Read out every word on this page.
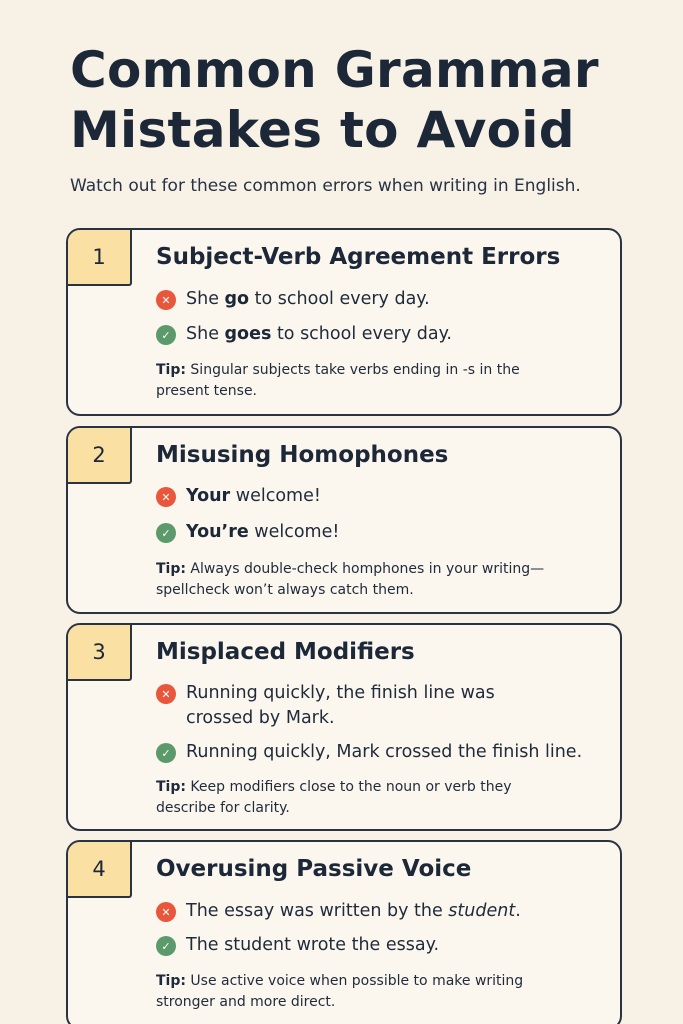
Common Grammar Mistakes to Avoid
Watch out for these common errors when writing in English.
1	Subject-Verb Agreement Errors
✕ She go to school every day.
✓ She goes to school every day.
Tip: Singular subjects take verbs ending in -s in the present tense.
2	Misusing Homophones
✕ Your welcome!
✓ You’re welcome!
Tip: Always double-check homphones in your writing—spellcheck won’t always catch them.
3	Misplaced Modifiers
✕ Running quickly, the finish line was crossed by Mark.
✓ Running quickly, Mark crossed the finish line.
Tip: Keep modifiers close to the noun or verb they describe for clarity.
4	Overusing Passive Voice
✕ The essay was written by the student.
✓ The student wrote the essay.
Tip: Use active voice when possible to make writing stronger and more direct.
